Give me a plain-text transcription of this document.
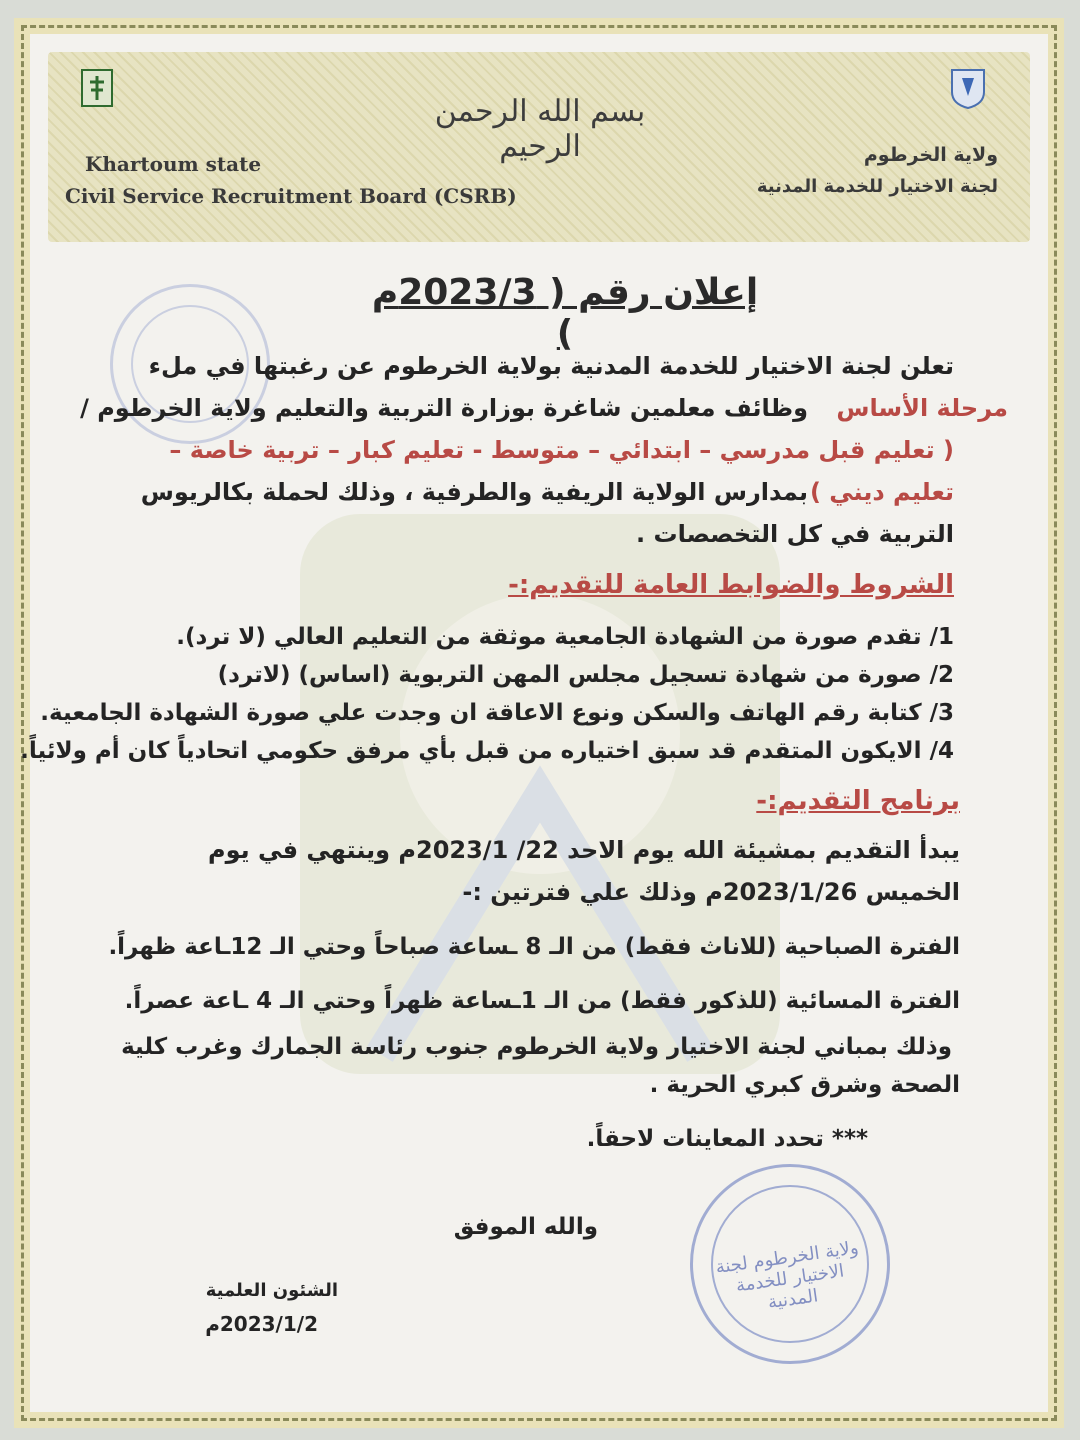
بسم الله الرحمن الرحيم
Khartoum state
Civil Service Recruitment Board (CSRB)
ولاية الخرطوم
لجنة الاختيار للخدمة المدنية
ولاية الخرطوم لجنة الاختيار للخدمة المدنية
إعلان رقم ( 2023/3م )
تعلن لجنة الاختيار للخدمة المدنية بولاية الخرطوم عن رغبتها في ملء
وظائف معلمين شاغرة بوزارة التربية والتعليم ولاية الخرطوم / مرحلة الأساس
( تعليم قبل مدرسي – ابتدائي – متوسط - تعليم كبار – تربية خاصة –
تعليم ديني )
بمدارس الولاية الريفية والطرفية ، وذلك لحملة بكالريوس
التربية في كل التخصصات .
الشروط والضوابط العامة للتقديم:-
1/ تقدم صورة من الشهادة الجامعية موثقة من التعليم العالي (لا ترد).
2/ صورة من شهادة تسجيل مجلس المهن التربوية (اساس) (لاترد)
3/ كتابة رقم الهاتف والسكن ونوع الاعاقة ان وجدت علي صورة الشهادة الجامعية.
4/ الايكون المتقدم قد سبق اختياره من قبل بأي مرفق حكومي اتحادياً كان أم ولائياً.
برنامج التقديم:-
يبدأ التقديم بمشيئة الله يوم الاحد 22/ 2023/1م وينتهي في يوم
الخميس 2023/1/26م وذلك علي فترتين :-
الفترة الصباحية (للاناث فقط) من الـ 8 ـساعة صباحاً وحتي الـ 12ـاعة ظهراً.
الفترة المسائية (للذكور فقط) من الـ 1ـساعة ظهراً وحتي الـ 4 ـاعة عصراً.
وذلك بمباني لجنة الاختيار ولاية الخرطوم جنوب رئاسة الجمارك وغرب كلية
الصحة وشرق كبري الحرية .
*** تحدد المعاينات لاحقاً.
والله الموفق
الشئون العلمية
2023/1/2م
